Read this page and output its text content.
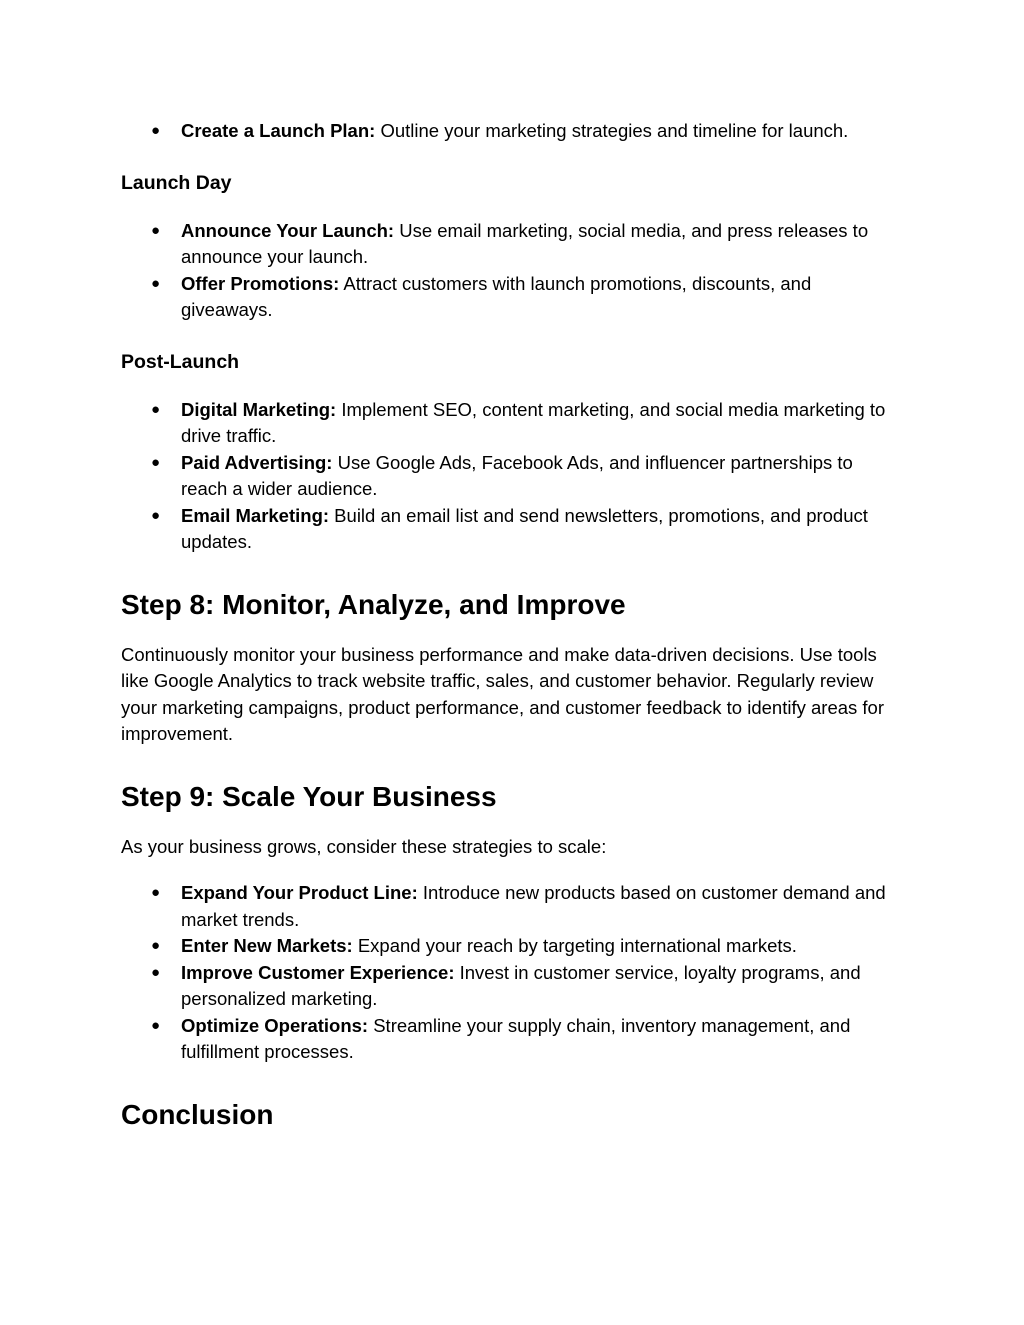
● Create a Launch Plan: Outline your marketing strategies and timeline for launch.
Launch Day
● Announce Your Launch: Use email marketing, social media, and press releases to announce your launch.
● Offer Promotions: Attract customers with launch promotions, discounts, and giveaways.
Post-Launch
● Digital Marketing: Implement SEO, content marketing, and social media marketing to drive traffic.
● Paid Advertising: Use Google Ads, Facebook Ads, and influencer partnerships to reach a wider audience.
● Email Marketing: Build an email list and send newsletters, promotions, and product updates.
Step 8: Monitor, Analyze, and Improve

Continuously monitor your business performance and make data-driven decisions. Use tools like Google Analytics to track website traffic, sales, and customer behavior. Regularly review your marketing campaigns, product performance, and customer feedback to identify areas for improvement.

Step 9: Scale Your Business

As your business grows, consider these strategies to scale:

● Expand Your Product Line: Introduce new products based on customer demand and market trends.
● Enter New Markets: Expand your reach by targeting international markets.
● Improve Customer Experience: Invest in customer service, loyalty programs, and personalized marketing.
● Optimize Operations: Streamline your supply chain, inventory management, and fulfillment processes.
Conclusion
